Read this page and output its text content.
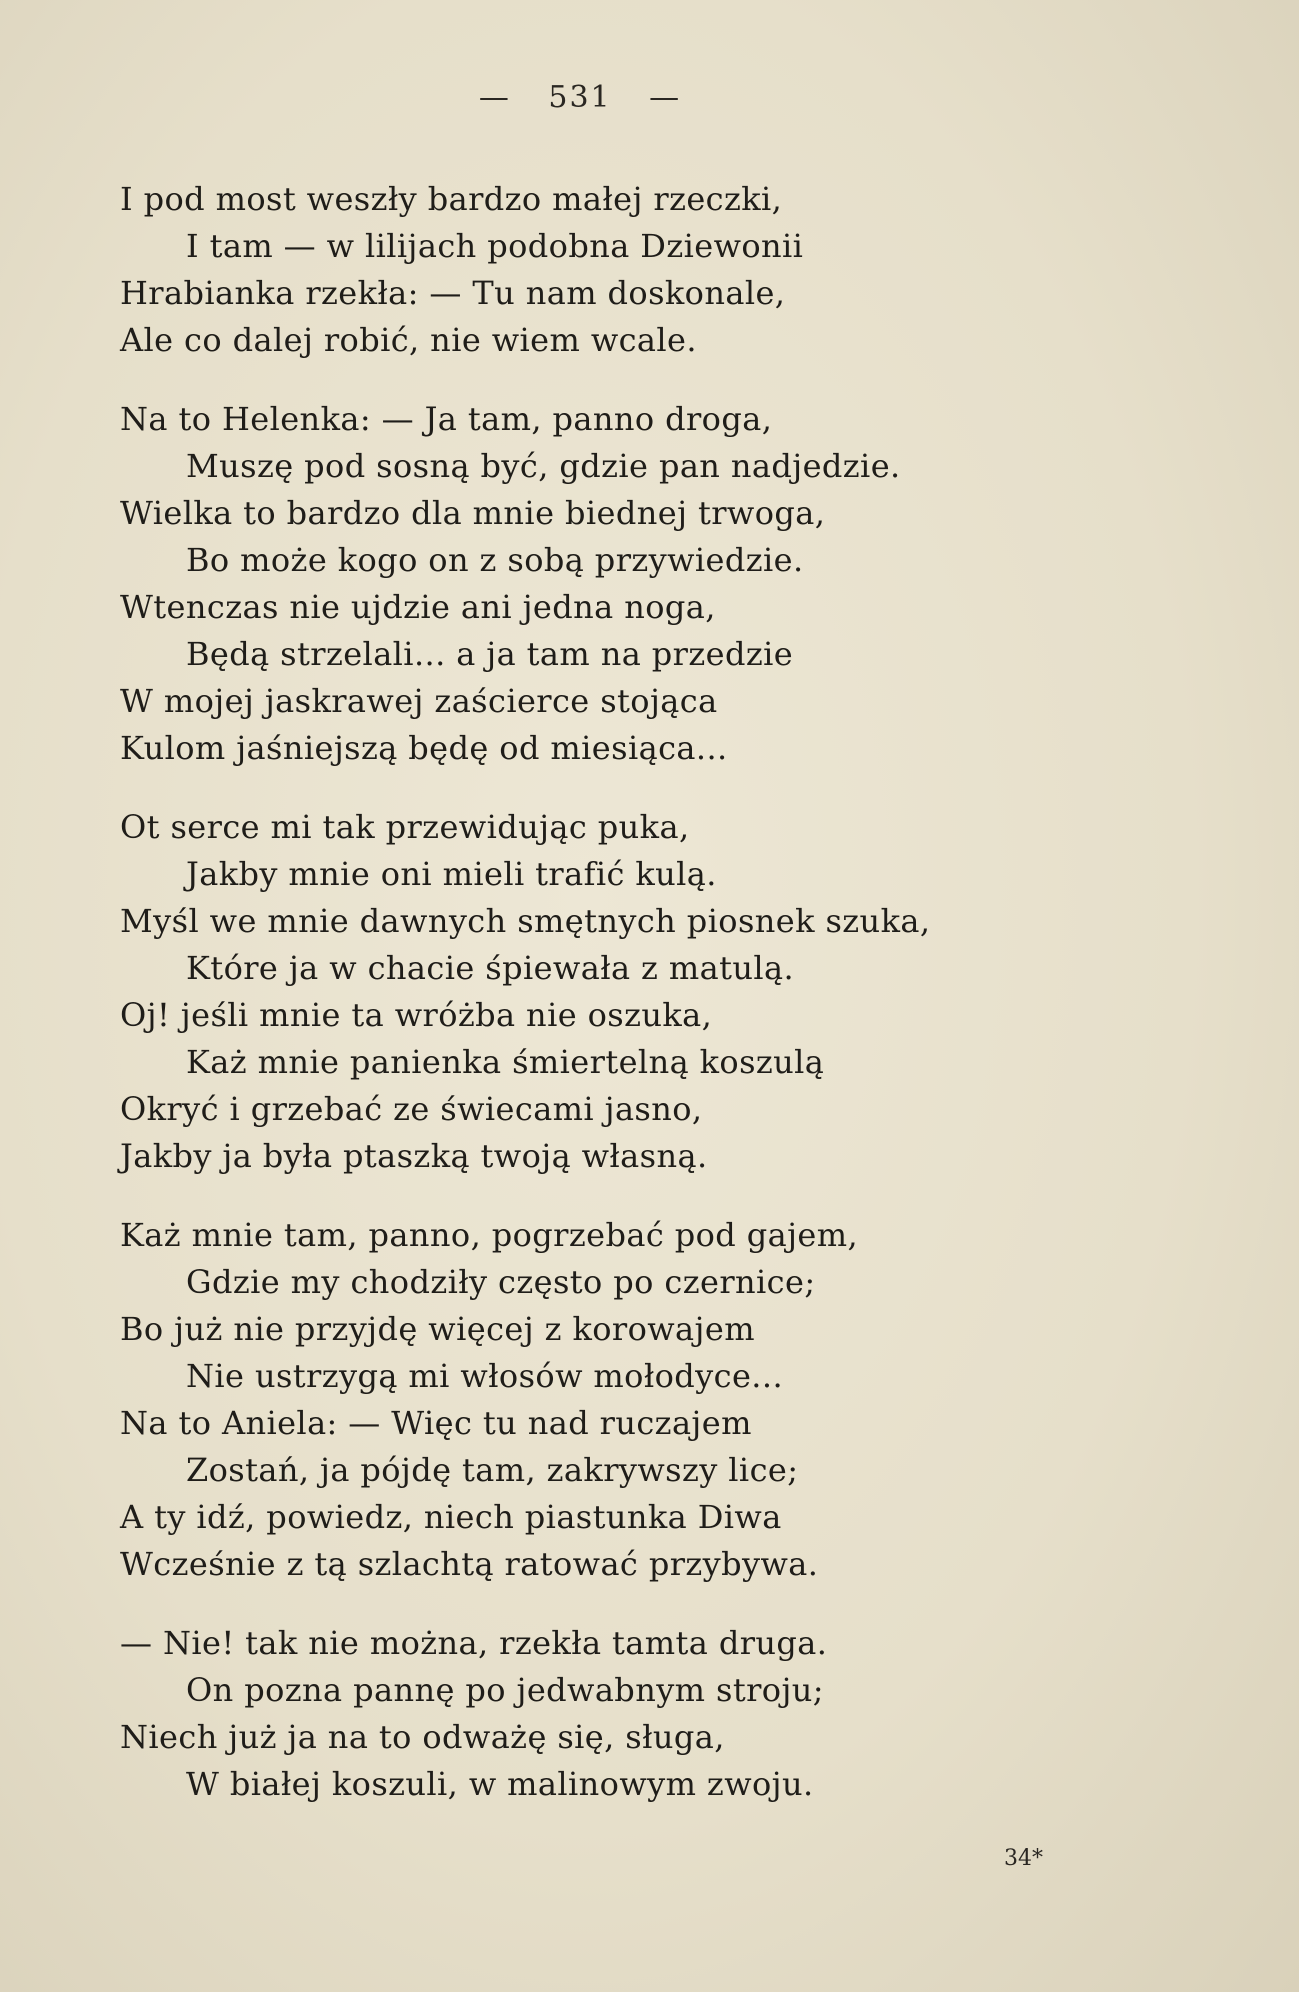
— 531 —
I pod most weszły bardzo małej rzeczki,
I tam — w lilijach podobna Dziewonii
Hrabianka rzekła: — Tu nam doskonale,
Ale co dalej robić, nie wiem wcale.
Na to Helenka: — Ja tam, panno droga,
Muszę pod sosną być, gdzie pan nadjedzie.
Wielka to bardzo dla mnie biednej trwoga,
Bo może kogo on z sobą przywiedzie.
Wtenczas nie ujdzie ani jedna noga,
Będą strzelali... a ja tam na przedzie
W mojej jaskrawej zaścierce stojąca
Kulom jaśniejszą będę od miesiąca...
Ot serce mi tak przewidując puka,
Jakby mnie oni mieli trafić kulą.
Myśl we mnie dawnych smętnych piosnek szuka,
Które ja w chacie śpiewała z matulą.
Oj! jeśli mnie ta wróżba nie oszuka,
Każ mnie panienka śmiertelną koszulą
Okryć i grzebać ze świecami jasno,
Jakby ja była ptaszką twoją własną.
Każ mnie tam, panno, pogrzebać pod gajem,
Gdzie my chodziły często po czernice;
Bo już nie przyjdę więcej z korowajem
Nie ustrzygą mi włosów mołodyce...
Na to Aniela: — Więc tu nad ruczajem
Zostań, ja pójdę tam, zakrywszy lice;
A ty idź, powiedz, niech piastunka Diwa
Wcześnie z tą szlachtą ratować przybywa.
— Nie! tak nie można, rzekła tamta druga.
On pozna pannę po jedwabnym stroju;
Niech już ja na to odważę się, sługa,
W białej koszuli, w malinowym zwoju.
34*
